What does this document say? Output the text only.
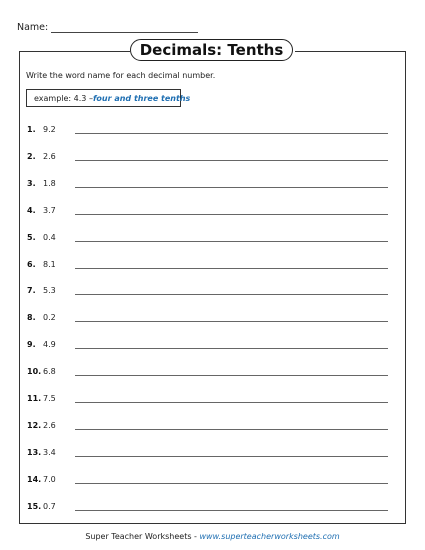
Name:
Decimals: Tenths
Write the word name for each decimal number.
example: 4.3 – four and three tenths
1. 9.2
2. 2.6
3. 1.8
4. 3.7
5. 0.4
6. 8.1
7. 5.3
8. 0.2
9. 4.9
10. 6.8
11. 7.5
12. 2.6
13. 3.4
14. 7.0
15. 0.7
Super Teacher Worksheets - www.superteacherworksheets.com
